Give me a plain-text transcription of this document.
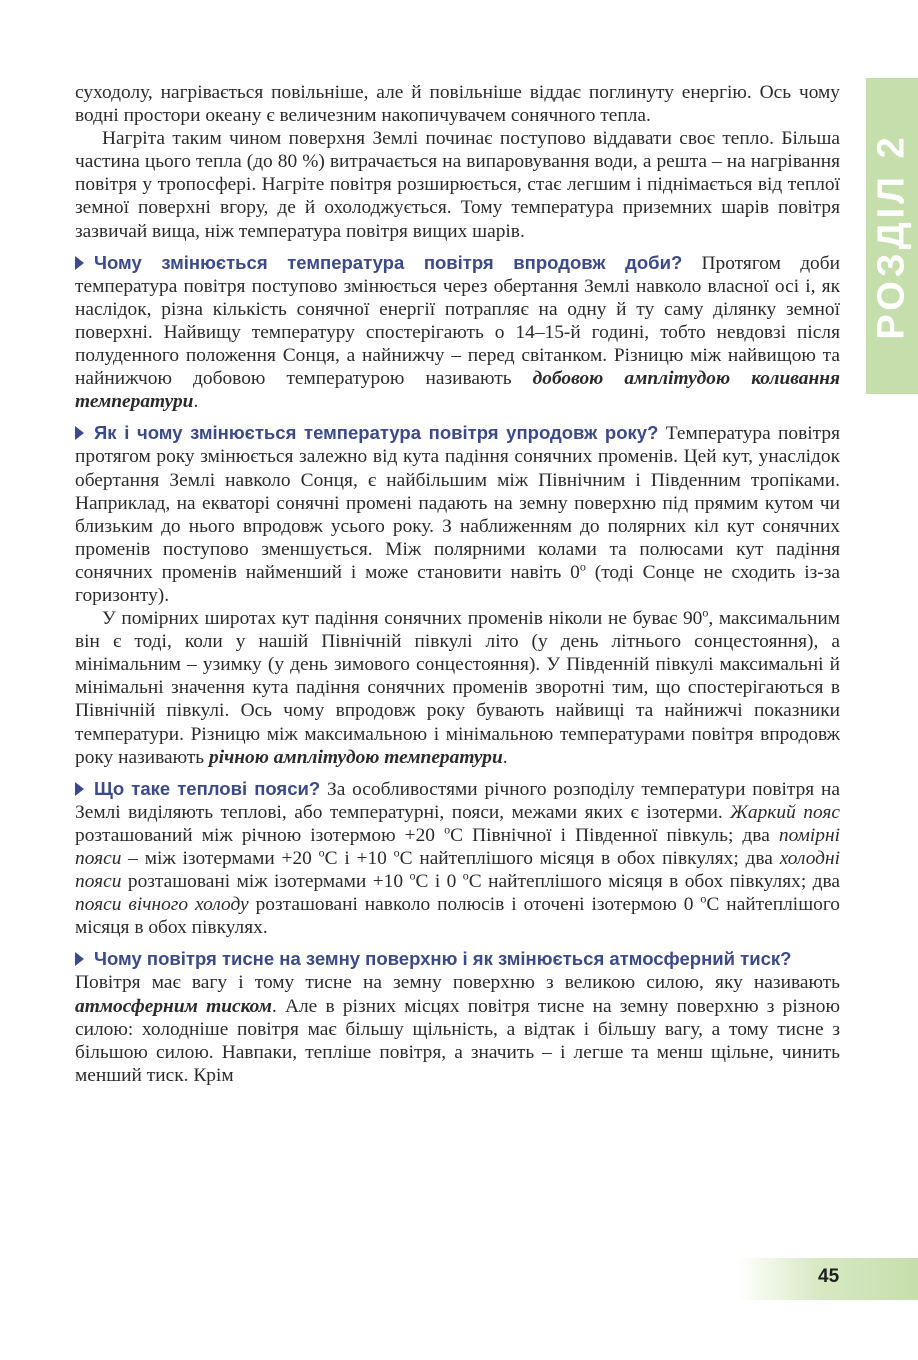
РОЗДІЛ 2

суходолу, нагрівається повільніше, але й повільніше віддає поглинуту енергію. Ось чому водні простори океану є величезним накопичувачем сонячного тепла.

Нагріта таким чином поверхня Землі починає поступово віддавати своє тепло. Більша частина цього тепла (до 80 %) витрачається на випаровування води, а решта – на нагрівання повітря у тропосфері. Нагріте повітря розширюється, стає легшим і піднімається від теплої земної поверхні вгору, де й охолоджується. Тому температура приземних шарів повітря зазвичай вища, ніж температура повітря вищих шарів.

Чому змінюється температура повітря впродовж доби? Протягом доби температура повітря поступово змінюється через обертання Землі навколо власної осі і, як наслідок, різна кількість сонячної енергії потрапляє на одну й ту саму ділянку земної поверхні. Найвищу температуру спостерігають о 14–15-й годині, тобто невдовзі після полуденного положення Сонця, а найнижчу – перед світанком. Різницю між найвищою та найнижчою добовою температурою називають добовою амплітудою коливання температури.

Як і чому змінюється температура повітря упродовж року? Температура повітря протягом року змінюється залежно від кута падіння сонячних променів. Цей кут, унаслідок обертання Землі навколо Сонця, є найбільшим між Північним і Південним тропіками. Наприклад, на екваторі сонячні промені падають на земну поверхню під прямим кутом чи близьким до нього впродовж усього року. З наближенням до полярних кіл кут сонячних променів поступово зменшується. Між полярними колами та полюсами кут падіння сонячних променів найменший і може становити навіть 0$^o$ (тоді Сонце не сходить із-за горизонту).

У помірних широтах кут падіння сонячних променів ніколи не буває 90$^o$, максимальним він є тоді, коли у нашій Північній півкулі літо (у день літнього сонцестояння), а мінімальним – узимку (у день зимового сонцестояння). У Південній півкулі максимальні й мінімальні значення кута падіння сонячних променів зворотні тим, що спостерігаються в Північній півкулі. Ось чому впродовж року бувають найвищі та найнижчі показники температури. Різницю між максимальною і мінімальною температурами повітря впродовж року називають річною амплітудою температури.

Що таке теплові пояси? За особливостями річного розподілу температури повітря на Землі виділяють теплові, або температурні, пояси, межами яких є ізотерми. Жаркий пояс розташований між річною ізотермою +20 $^o$С Північної і Південної півкуль; два помірні пояси – між ізотермами +20 $^o$С і +10 $^o$С найтеплішого місяця в обох півкулях; два холодні пояси розташовані між ізотермами +10 $^o$С і 0 $^o$С найтеплішого місяця в обох півкулях; два пояси вічного холоду розташовані навколо полюсів і оточені ізотермою 0 $^o$С найтеплішого місяця в обох півкулях.

Чому повітря тисне на земну поверхню і як змінюється атмосферний тиск?
Повітря має вагу і тому тисне на земну поверхню з великою силою, яку називають атмосферним тиском. Але в різних місцях повітря тисне на земну поверхню з різною силою: холодніше повітря має більшу щільність, а відтак і більшу вагу, а тому тисне з більшою силою. Навпаки, тепліше повітря, а значить – і легше та менш щільне, чинить менший тиск. Крім

45
